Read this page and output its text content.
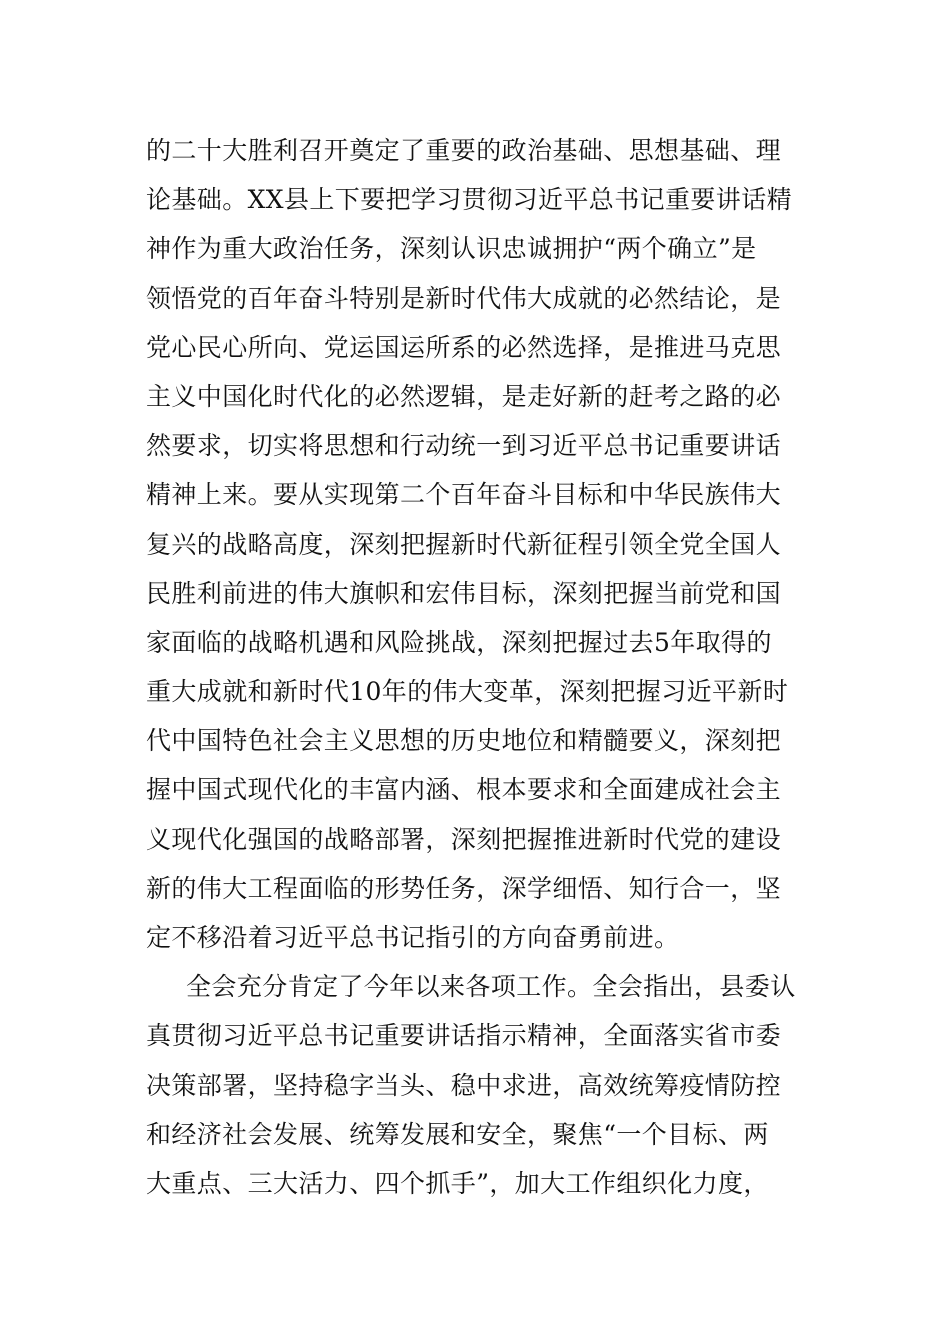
的二十大胜利召开奠定了重要的政治基础、思想基础、理
论基础。XX县上下要把学习贯彻习近平总书记重要讲话精
神作为重大政治任务，深刻认识忠诚拥护“两个确立”是
领悟党的百年奋斗特别是新时代伟大成就的必然结论，是
党心民心所向、党运国运所系的必然选择，是推进马克思
主义中国化时代化的必然逻辑，是走好新的赶考之路的必
然要求，切实将思想和行动统一到习近平总书记重要讲话
精神上来。要从实现第二个百年奋斗目标和中华民族伟大
复兴的战略高度，深刻把握新时代新征程引领全党全国人
民胜利前进的伟大旗帜和宏伟目标，深刻把握当前党和国
家面临的战略机遇和风险挑战，深刻把握过去5年取得的
重大成就和新时代10年的伟大变革，深刻把握习近平新时
代中国特色社会主义思想的历史地位和精髓要义，深刻把
握中国式现代化的丰富内涵、根本要求和全面建成社会主
义现代化强国的战略部署，深刻把握推进新时代党的建设
新的伟大工程面临的形势任务，深学细悟、知行合一，坚
定不移沿着习近平总书记指引的方向奋勇前进。

全会充分肯定了今年以来各项工作。全会指出，县委认
真贯彻习近平总书记重要讲话指示精神，全面落实省市委
决策部署，坚持稳字当头、稳中求进，高效统筹疫情防控
和经济社会发展、统筹发展和安全，聚焦“一个目标、两
大重点、三大活力、四个抓手”，加大工作组织化力度，
